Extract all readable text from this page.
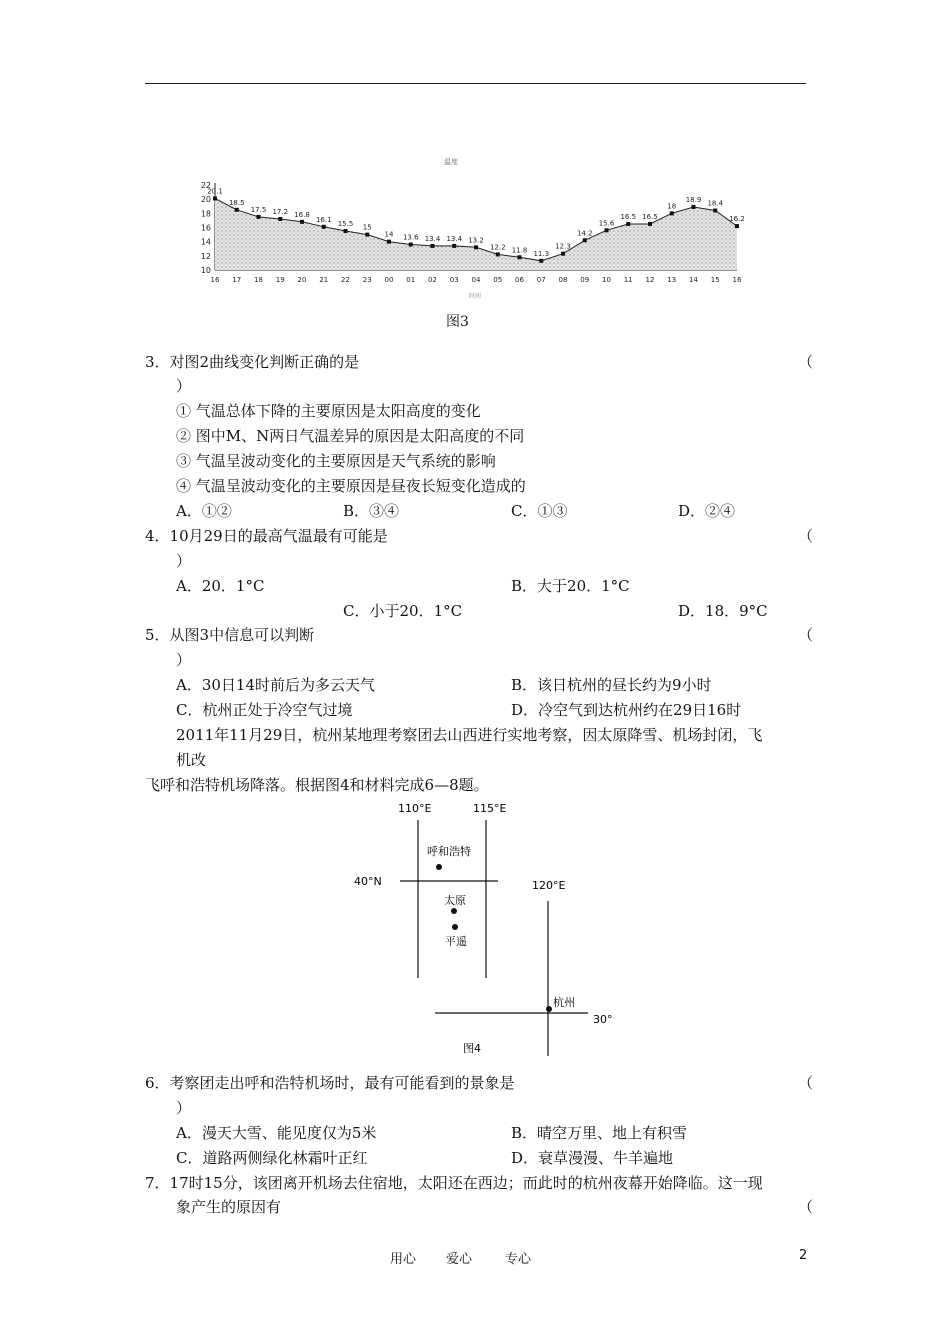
温度
20.1
18.5
17.5 17.2 16.8
16.1
15.5 15
14 13.6 13.4 13.4 13.2
12.2 11.8 11.3
12.3
14.2
15.6
16.5 16.5
18
18.9 18.4
16.2
22
20
18
16
14
12
10
16 17 18 19 20 21 22 23 00 01 02 03 04 05 06 07 08 09 10 11 12 13 14 15 16
时间
图3
3．对图2曲线变化判断正确的是	（
）
① 气温总体下降的主要原因是太阳高度的变化
② 图中M、N两日气温差异的原因是太阳高度的不同
③ 气温呈波动变化的主要原因是天气系统的影响
④ 气温呈波动变化的主要原因是昼夜长短变化造成的
A．①②	B．③④	C．①③	D．②④
4．10月29日的最高气温最有可能是	（
）
A．20．1°C	B．大于20．1°C
C．小于20．1°C	D．18．9°C
5．从图3中信息可以判断	（
）
A．30日14时前后为多云天气	B．该日杭州的昼长约为9小时
C．杭州正处于冷空气过境	D．冷空气到达杭州约在29日16时
2011年11月29日，杭州某地理考察团去山西进行实地考察，因太原降雪、机场封闭，飞
机改
飞呼和浩特机场降落。根据图4和材料完成6—8题。
110°E	115°E
40°N	120°E
30°
呼和浩特
太原
平遥
杭州
图4
6．考察团走出呼和浩特机场时，最有可能看到的景象是	（
）
A．漫天大雪、能见度仅为5米	B．晴空万里、地上有积雪
C．道路两侧绿化林霜叶正红	D．衰草漫漫、牛羊遍地
7．17时15分，该团离开机场去住宿地，太阳还在西边；而此时的杭州夜幕开始降临。这一现
象产生的原因有	（
用心 爱心	专心	2
